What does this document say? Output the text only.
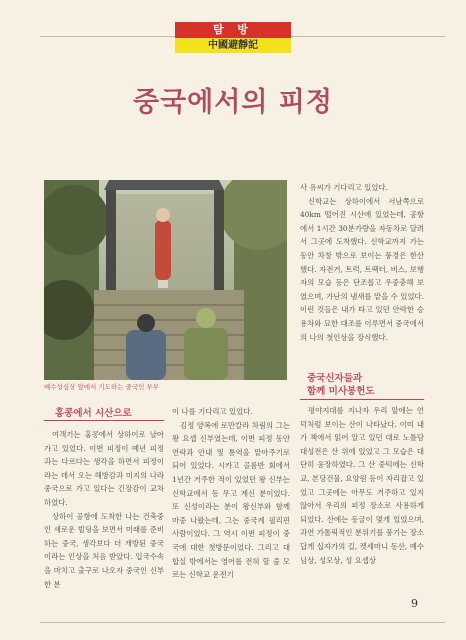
탐 방
中國避靜記
중국에서의 피정
예수성심상 앞에서 기도하는 중국인 부부
홍콩에서 시산으로

여객기는 홍콩에서 상하이로 날아가고 있었다. 이번 피정이 예년 피정과는 다르다는 생각을 하면서 피정이라는 데서 오는 해방감과 미지의 나라 중국으로 가고 있다는 긴장감이 교차하였다.

상하이 공항에 도착한 나는 건축중인 새로운 빌딩을 보면서 미래를 준비하는 중국, 생각보다 더 개방된 중국이라는 인상을 처음 받았다. 입국수속을 마치고 출구로 나오자 중국인 신부 한 분

이 나를 기다리고 있었다.

김정 양복에 로만칼라 차림의 그는 왕 요셉 신부였는데, 이번 피정 동안 연락과 안내 및 통역을 맡아주기로 되어 있었다. 시카고 골롬반 회에서 1년간 거주한 적이 있었던 왕 신부는 신학교에서 등 무고 계신 분이었다. 또 신성이라는 분이 왕신부와 함께 마중 나왔는데, 그는 중국계 필리핀 사람이었다. 그 역시 이번 피정이 중국에 대한 첫방문이었다. 그리고 대합실 밖에서는 영어를 전혀 할 줄 모르는 신학교 운전기

사 유씨가 기다리고 있었다.

신학교는 상하이에서 서남쪽으로 40km 떨어진 시산에 있었는데, 공항에서 1시간 30분가량을 자동차로 달려서 그곳에 도착했다. 신학교까지 가는 동안 차창 밖으로 보이는 풍경은 한산했다. 자전거, 트럭, 트랙터, 버스, 보행자의 모습 등은 단조롭고 우중충해 보였으며, 가난의 냄새를 맡을 수 있었다. 이런 것들은 내가 타고 있던 안락한 승용차와 묘한 대조를 이루면서 중국에서의 나의 첫인상을 장식했다.

중국신자들과
함께 미사봉헌도

평야지대를 지나자 우리 앞에는 언덕처럼 보이는 산이 나타났다. 이미 내가 책에서 읽어 알고 있던 대로 노틀담 대성전은 산 위에 있었고 그 모습은 대단히 웅장하였다. 그 산 중턱에는 신학교, 본당건물, 요양원 등이 자리잡고 있었고 그곳에는 아무도 거주하고 있지 않아서 우리의 피정 장소로 사용하게 되었다. 산에는 동굴이 몇개 있었으며, 과연 가톨릭적인 분위기를 풍기는 장소답게 십자가의 길, 켓세마니 동산, 예수님상, 성모상, 성 요셉상

9
